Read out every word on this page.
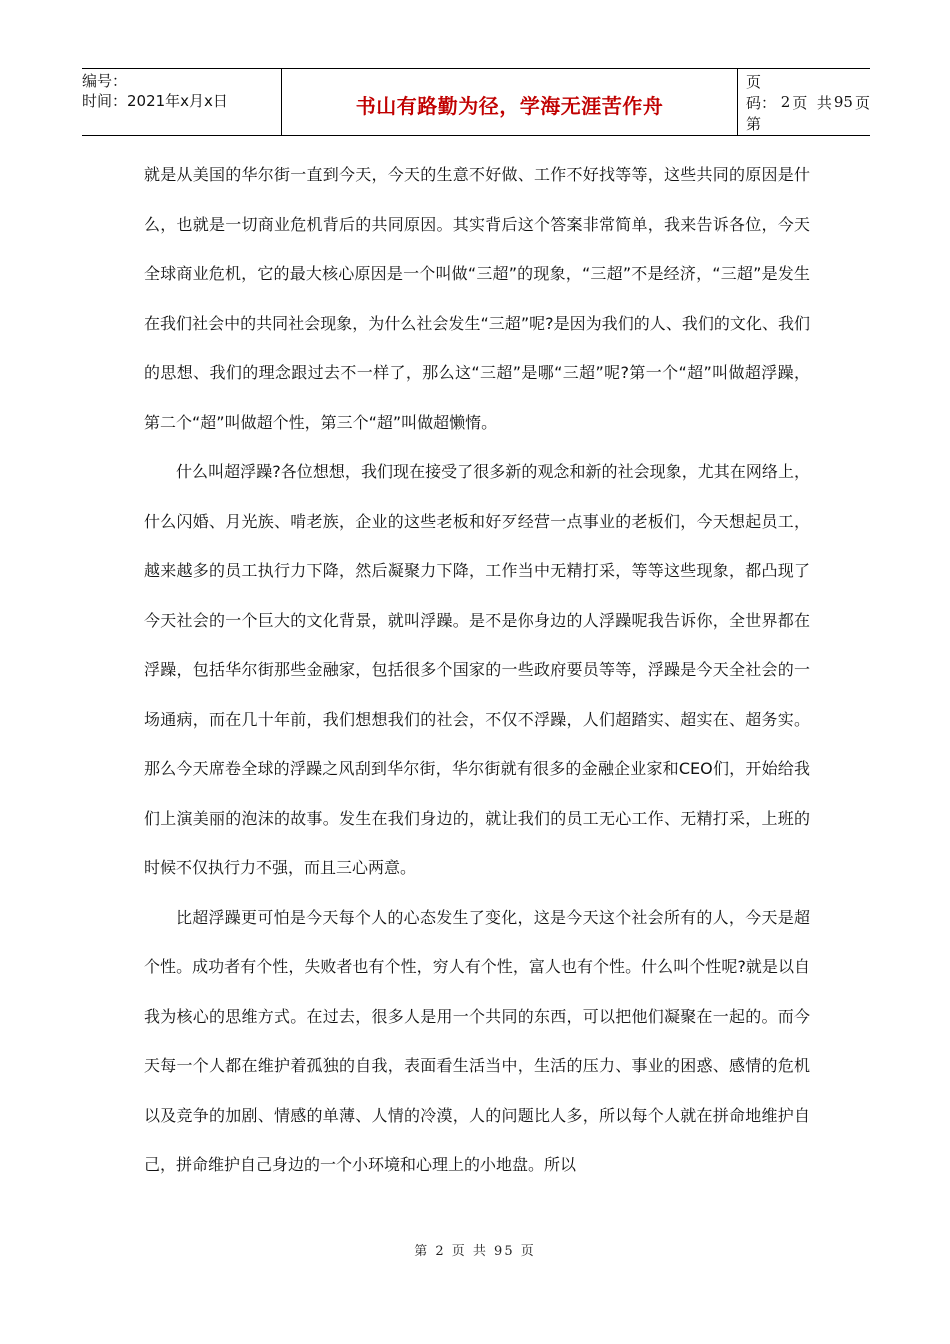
编号：
时间：2021年x月x日	书山有路勤为径，学海无涯苦作舟
页码：第
2 页  共 95 页

就是从美国的华尔街一直到今天，今天的生意不好做、工作不好找等等，这些共同的原因是什么，也就是一切商业危机背后的共同原因。其实背后这个答案非常简单，我来告诉各位，今天全球商业危机，它的最大核心原因是一个叫做“三超”的现象，“三超”不是经济，“三超”是发生在我们社会中的共同社会现象，为什么社会发生“三超”呢?是因为我们的人、我们的文化、我们的思想、我们的理念跟过去不一样了，那么这“三超”是哪“三超”呢?第一个“超”叫做超浮躁，第二个“超”叫做超个性，第三个“超”叫做超懒惰。

什么叫超浮躁?各位想想，我们现在接受了很多新的观念和新的社会现象，尤其在网络上，什么闪婚、月光族、啃老族，企业的这些老板和好歹经营一点事业的老板们，今天想起员工，越来越多的员工执行力下降，然后凝聚力下降，工作当中无精打采，等等这些现象，都凸现了今天社会的一个巨大的文化背景，就叫浮躁。是不是你身边的人浮躁呢我告诉你，全世界都在浮躁，包括华尔街那些金融家，包括很多个国家的一些政府要员等等，浮躁是今天全社会的一场通病，而在几十年前，我们想想我们的社会，不仅不浮躁，人们超踏实、超实在、超务实。那么今天席卷全球的浮躁之风刮到华尔街，华尔街就有很多的金融企业家和CEO们，开始给我们上演美丽的泡沫的故事。发生在我们身边的，就让我们的员工无心工作、无精打采，上班的时候不仅执行力不强，而且三心两意。

比超浮躁更可怕是今天每个人的心态发生了变化，这是今天这个社会所有的人，今天是超个性。成功者有个性，失败者也有个性，穷人有个性，富人也有个性。什么叫个性呢?就是以自我为核心的思维方式。在过去，很多人是用一个共同的东西，可以把他们凝聚在一起的。而今天每一个人都在维护着孤独的自我，表面看生活当中，生活的压力、事业的困惑、感情的危机以及竞争的加剧、情感的单薄、人情的冷漠，人的问题比人多，所以每个人就在拼命地维护自己，拼命维护自己身边的一个小环境和心理上的小地盘。所以

第 2 页 共 95 页
